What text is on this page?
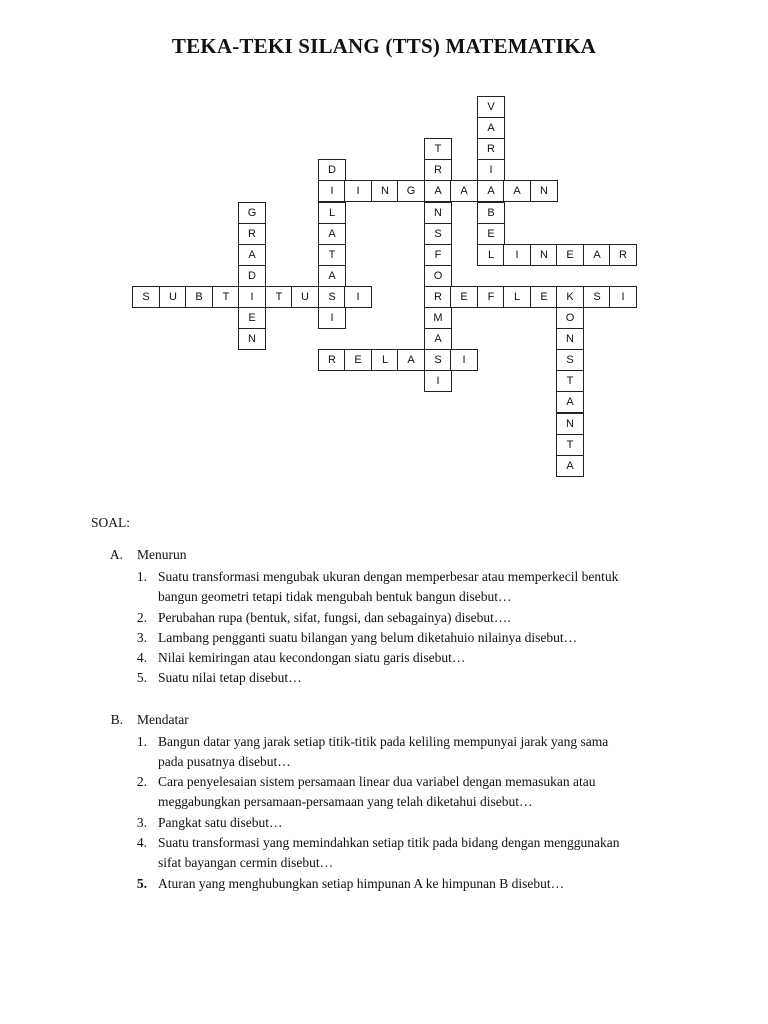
TEKA-TEKI SILANG (TTS) MATEMATIKA
I	I	N	G	A	A	A	A	N
L	I	N	E	A	R
S	U	B	T	I	T	U	S	I	R	E	F	L	E	K	S	I
R	E	L	A	S	I
V
A
R
I
B
E
T
R
N
S
F
O
M
A
I
D
L
A
T
A
I
G
R
A
D
E
N
O
N
S
T
A
N
T
A
SOAL:
A. Menurun
1. Suatu transformasi mengubak ukuran dengan memperbesar atau memperkecil bentuk
bangun geometri tetapi tidak mengubah bentuk bangun disebut…
2. Perubahan rupa (bentuk, sifat, fungsi, dan sebagainya) disebut….
3. Lambang pengganti suatu bilangan yang belum diketahuio nilainya disebut…
4. Nilai kemiringan atau kecondongan siatu garis disebut…
5. Suatu nilai tetap disebut…
B. Mendatar
1. Bangun datar yang jarak setiap titik-titik pada keliling mempunyai jarak yang sama
pada pusatnya disebut…
2. Cara penyelesaian sistem persamaan linear dua variabel dengan memasukan atau
meggabungkan persamaan-persamaan yang telah diketahui disebut…
3. Pangkat satu disebut…
4. Suatu transformasi yang memindahkan setiap titik pada bidang dengan menggunakan
sifat bayangan cermin disebut…
5. Aturan yang menghubungkan setiap himpunan A ke himpunan B disebut…
